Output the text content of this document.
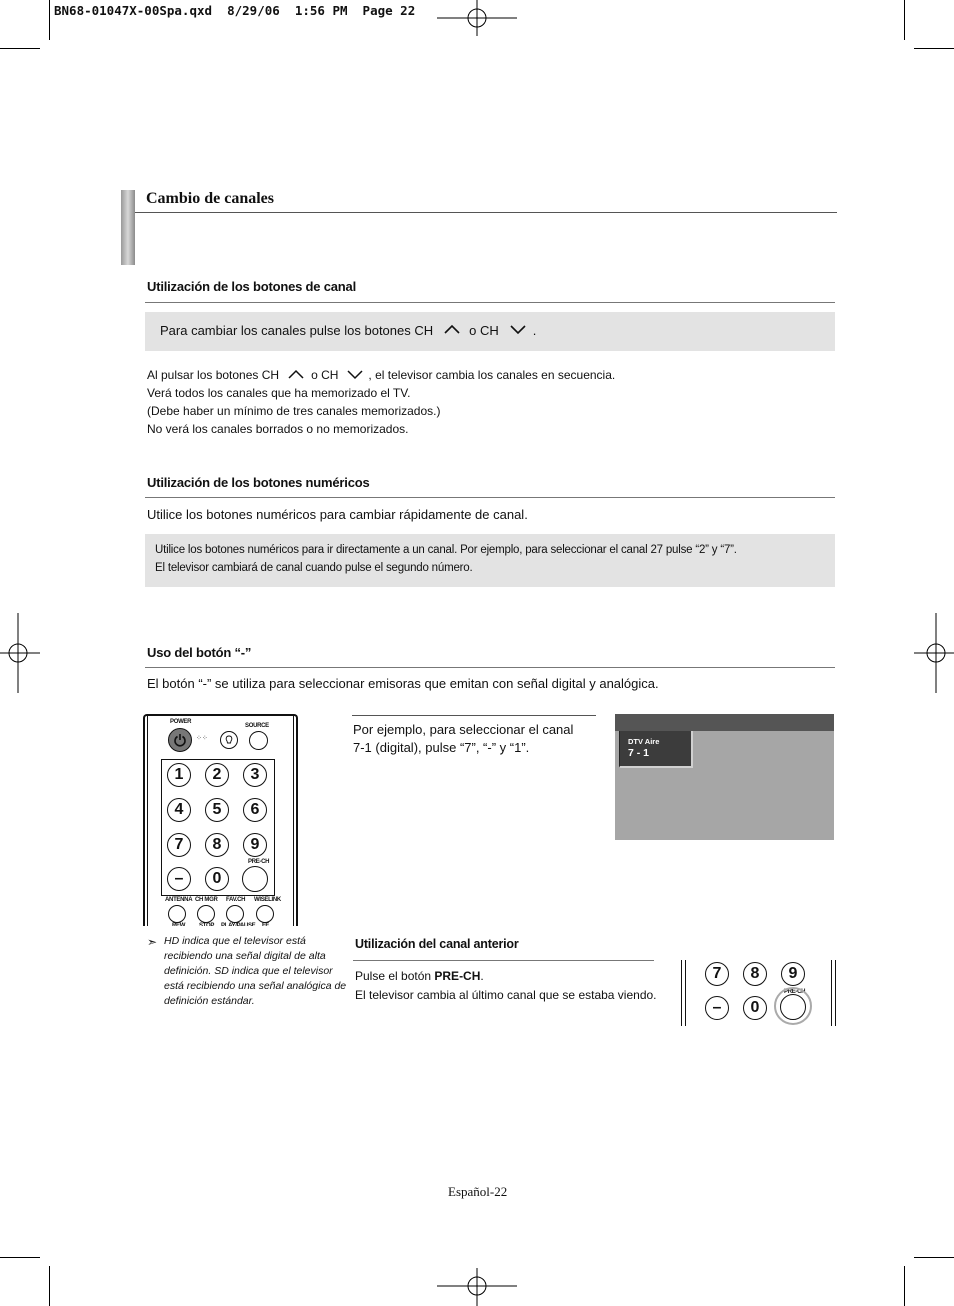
BN68-01047X-00Spa.qxd  8/29/06  1:56 PM  Page 22
Cambio de canales
Utilización de los botones de canal
Para cambiar los canales pulse los botones CH	o CH	.
Al pulsar los botones CH	o CH	, el televisor cambia los canales en secuencia.
Verá todos los canales que ha memorizado el TV.
(Debe haber un mínimo de tres canales memorizados.)
No verá los canales borrados o no memorizados.
Utilización de los botones numéricos
Utilice los botones numéricos para cambiar rápidamente de canal.
Utilice los botones numéricos para ir directamente a un canal. Por ejemplo, para seleccionar el canal 27 pulse “2” y “7”.
El televisor cambiará de canal cuando pulse el segundo número.
Uso del botón “-”
El botón “-” se utiliza para seleccionar emisoras que emitan con señal digital y analógica.
POWER
SOURCE
⁘⁘
1	2	3
4	5	6
7	8	9
–	0
PRE-CH
ANTENNA CH MGR FAV.CH WISELINK
REW STOP PLAY/PAUSE FF
Por ejemplo, para seleccionar el canal
7-1 (digital), pulse “7”, “-” y “1”.	DTV Aire
7 - 1
➣ HD indica que el televisor está recibiendo una señal digital de alta definición. SD indica que el televisor está recibiendo una señal analógica de definición estándar.
Utilización del canal anterior
Pulse el botón PRE-CH.
El televisor cambia al último canal que se estaba viendo.
7	8	9
–	0
PRE-CH
Español-22
